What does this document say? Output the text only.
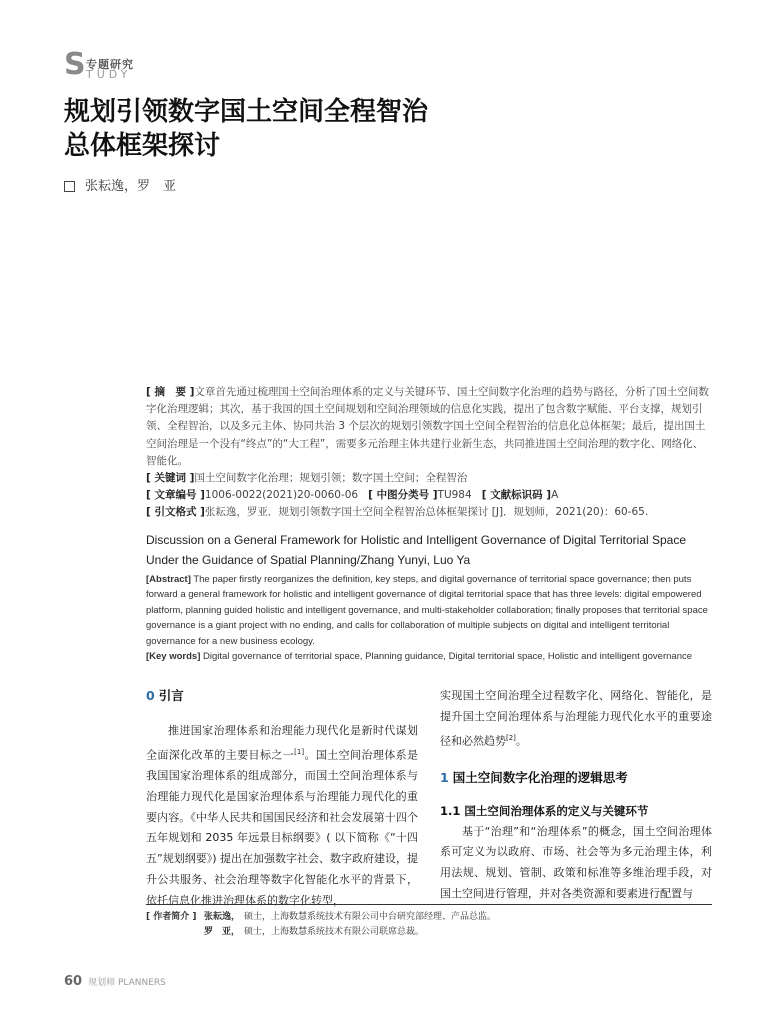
S 专题研究
TUDY
规划引领数字国土空间全程智治
总体框架探讨
张耘逸，罗　亚

[ 摘　要 ]文章首先通过梳理国土空间治理体系的定义与关键环节、国土空间数字化治理的趋势与路径，分析了国土空间数字化治理逻辑；其次，基于我国的国土空间规划和空间治理领域的信息化实践，提出了包含数字赋能、平台支撑，规划引领、全程智治，以及多元主体、协同共治 3 个层次的规划引领数字国土空间全程智治的信息化总体框架；最后，提出国土空间治理是一个没有“终点”的“大工程”，需要多元治理主体共建行业新生态，共同推进国土空间治理的数字化、网络化、智能化。

[ 关键词 ]国土空间数字化治理；规划引领；数字国土空间；全程智治

[ 文章编号 ]1006-0022(2021)20-0060-06 [ 中图分类号 ]TU984 [ 文献标识码 ]A

[ 引文格式 ]张耘逸，罗亚．规划引领数字国土空间全程智治总体框架探讨 [J]．规划师，2021(20)：60-65.

Discussion on a General Framework for Holistic and Intelligent Governance of Digital Territorial Space Under the Guidance of Spatial Planning/Zhang Yunyi, Luo Ya

[Abstract] The paper firstly reorganizes the definition, key steps, and digital governance of territorial space governance; then puts forward a general framework for holistic and intelligent governance of digital territorial space that has three levels: digital empowered platform, planning guided holistic and intelligent governance, and multi-stakeholder collaboration; finally proposes that territorial space governance is a giant project with no ending, and calls for collaboration of multiple subjects on digital and intelligent territorial governance for a new business ecology.

[Key words] Digital governance of territorial space, Planning guidance, Digital territorial space, Holistic and intelligent governance

0 引言

推进国家治理体系和治理能力现代化是新时代谋划全面深化改革的主要目标之一[1]。国土空间治理体系是我国国家治理体系的组成部分，而国土空间治理体系与治理能力现代化是国家治理体系与治理能力现代化的重要内容。《中华人民共和国国民经济和社会发展第十四个五年规划和 2035 年远景目标纲要》( 以下简称《“十四五”规划纲要》) 提出在加强数字社会、数字政府建设，提升公共服务、社会治理等数字化智能化水平的背景下，依托信息化推进治理体系的数字化转型，

实现国土空间治理全过程数字化、网络化、智能化，是提升国土空间治理体系与治理能力现代化水平的重要途径和必然趋势[2]。

1 国土空间数字化治理的逻辑思考

1.1 国土空间治理体系的定义与关键环节

基于“治理”和“治理体系”的概念，国土空间治理体系可定义为以政府、市场、社会等为多元治理主体，利用法规、规划、管制、政策和标准等多维治理手段，对国土空间进行管理，并对各类资源和要素进行配置与

[ 作者简介 ] 张耘逸， 硕士，上海数慧系统技术有限公司中台研究部经理、产品总监。
罗　亚， 硕士，上海数慧系统技术有限公司联席总裁。
60 规划师 PLANNERS
